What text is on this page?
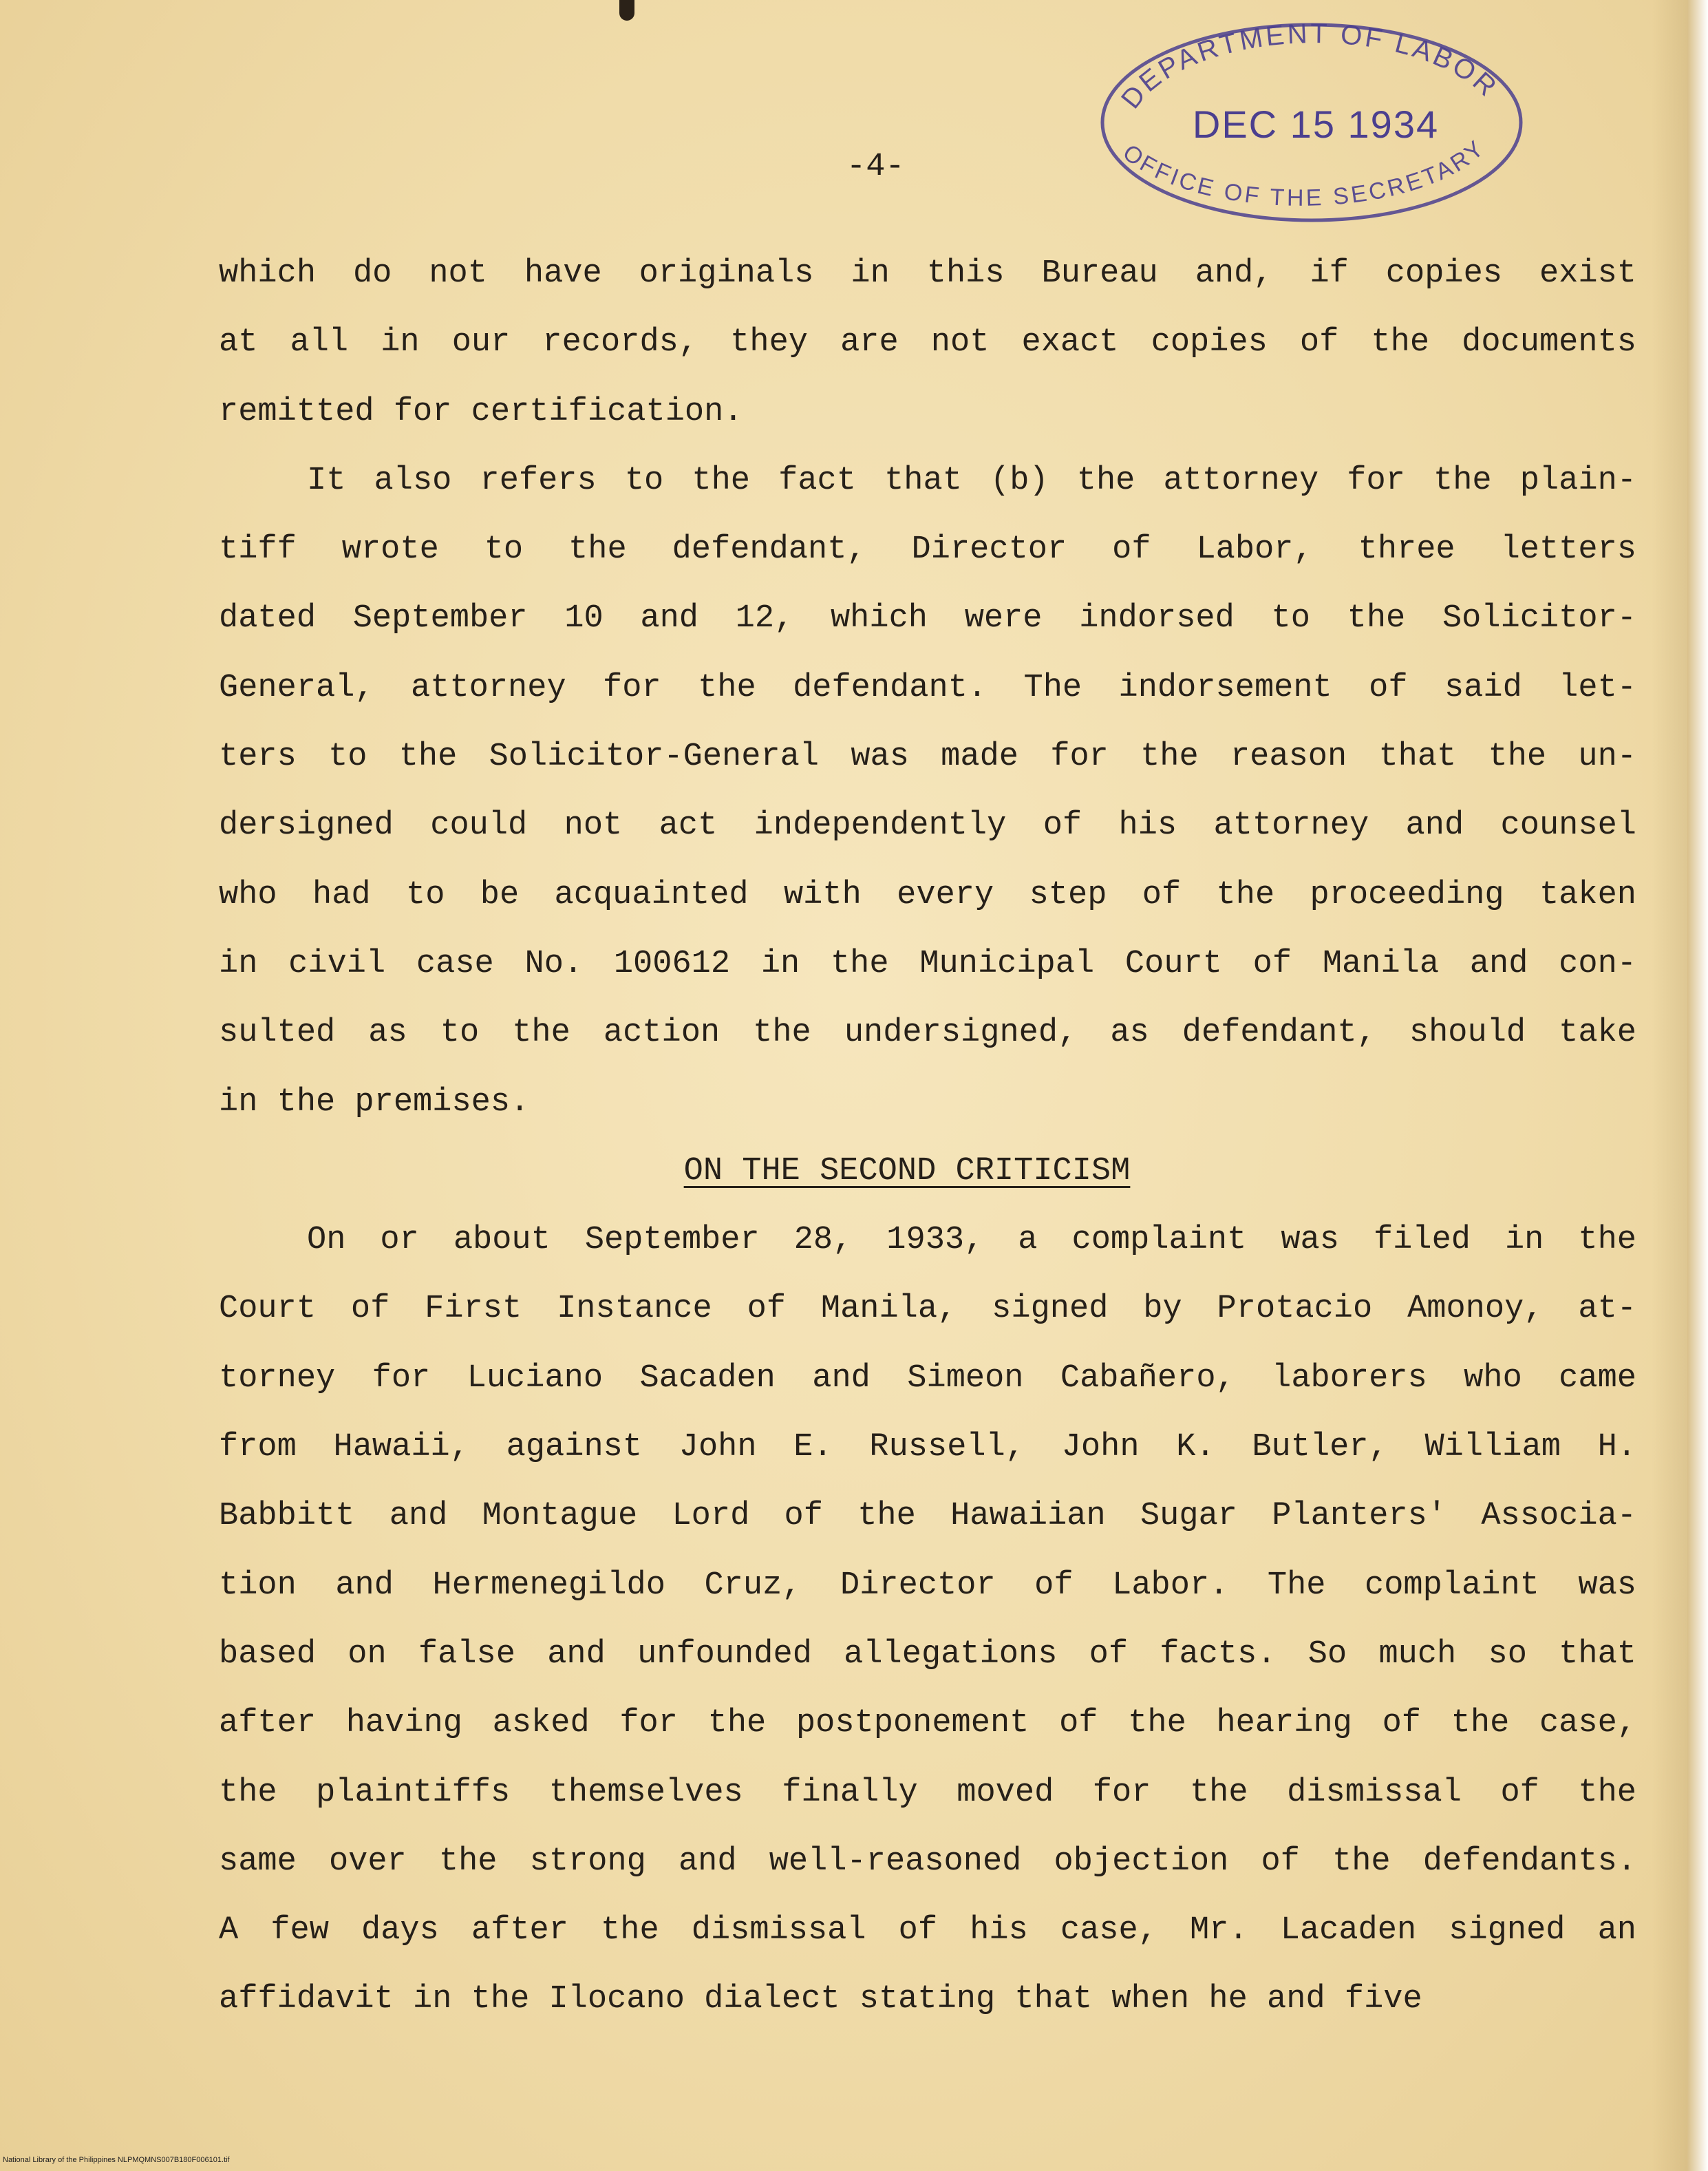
-4-
DEPARTMENT OF LABOR
DEC 15 1934
OFFICE OF THE SECRETARY
which do not have originals in this Bureau and, if copies exist
at all in our records, they are not exact copies of the documents
remitted for certification.
It also refers to the fact that (b) the attorney for the plain-
tiff wrote to the defendant, Director of Labor, three letters
dated September 10 and 12, which were indorsed to the Solicitor-
General, attorney for the defendant. The indorsement of said let-
ters to the Solicitor-General was made for the reason that the un-
dersigned could not act independently of his attorney and counsel
who had to be acquainted with every step of the proceeding taken
in civil case No. 100612 in the Municipal Court of Manila and con-
sulted as to the action the undersigned, as defendant, should take
in the premises.
ON THE SECOND CRITICISM
On or about September 28, 1933, a complaint was filed in the
Court of First Instance of Manila, signed by Protacio Amonoy, at-
torney for Luciano Sacaden and Simeon Cabañero, laborers who came
from Hawaii, against John E. Russell, John K. Butler, William H.
Babbitt and Montague Lord of the Hawaiian Sugar Planters' Associa-
tion and Hermenegildo Cruz, Director of Labor. The complaint was
based on false and unfounded allegations of facts. So much so that
after having asked for the postponement of the hearing of the case,
the plaintiffs themselves finally moved for the dismissal of the
same over the strong and well-reasoned objection of the defendants.
A few days after the dismissal of his case, Mr. Lacaden signed an
affidavit in the Ilocano dialect stating that when he and five
National Library of the Philippines NLPMQMNS007B180F006101.tif
